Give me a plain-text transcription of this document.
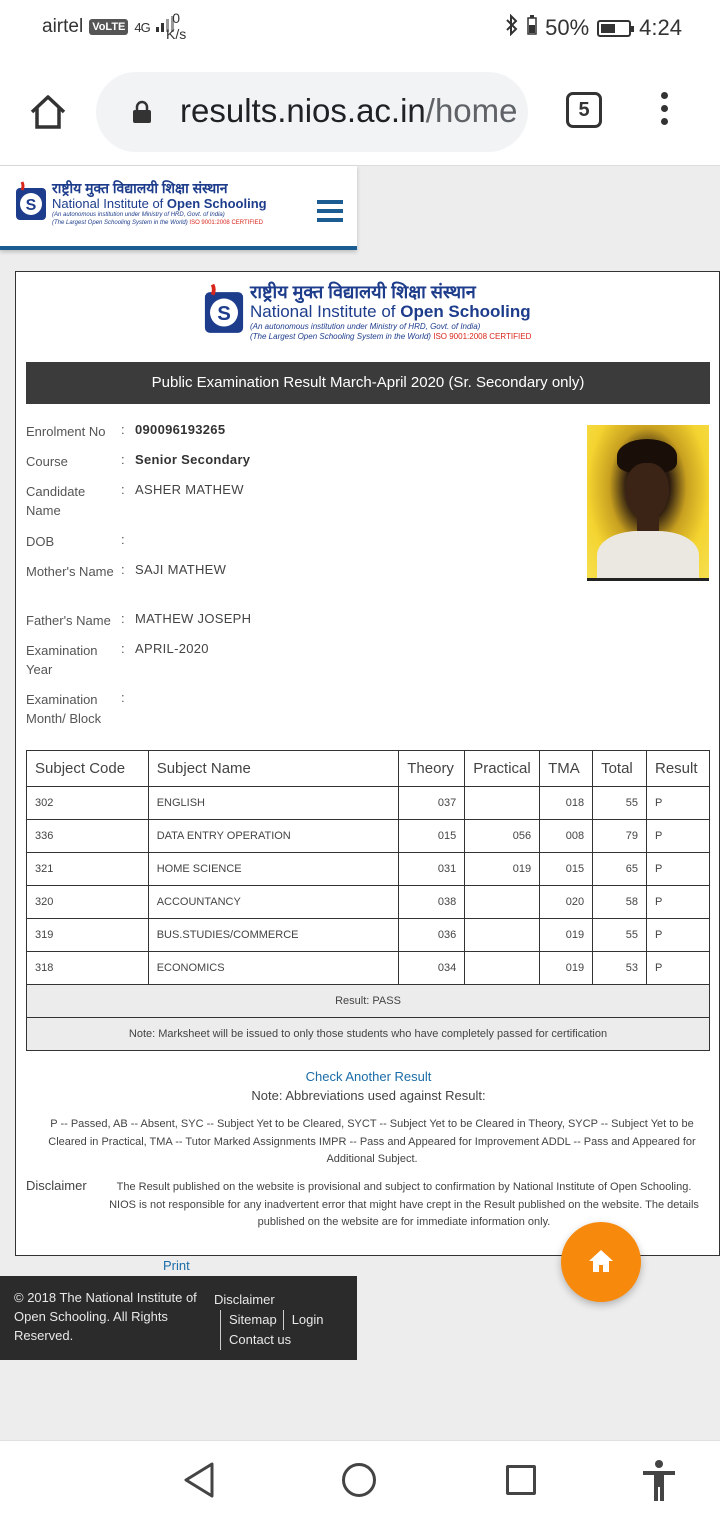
airtel VoLTE 4G
0
K/s	50% 4:24
results.nios.ac.in/home	5
S
राष्ट्रीय मुक्त विद्यालयी शिक्षा संस्थान
National Institute of Open Schooling
(An autonomous institution under Ministry of HRD, Govt. of India)
(The Largest Open Schooling System in the World) ISO 9001:2008 CERTIFIED
S
राष्ट्रीय मुक्त विद्यालयी शिक्षा संस्थान
National Institute of Open Schooling
(An autonomous institution under Ministry of HRD, Govt. of India)
(The Largest Open Schooling System in the World) ISO 9001:2008 CERTIFIED
Public Examination Result March-April 2020 (Sr. Secondary only)
Enrolment No	: 090096193265
Course	: Senior Secondary
Candidate Name
: ASHER MATHEW
DOB	:
Mother's Name : SAJI MATHEW
Father's Name : MATHEW JOSEPH
Examination Year
: APRIL-2020
Examination Month/ Block
:
Subject Code	Subject Name	Theory	Practical	TMA	Total	Result
302	ENGLISH	037		018	55	P
336	DATA ENTRY OPERATION	015	056	008	79	P
321	HOME SCIENCE	031	019	015	65	P
320	ACCOUNTANCY	038		020	58	P
319	BUS.STUDIES/COMMERCE	036		019	55	P
318	ECONOMICS	034		019	53	P
Result: PASS						
Note: Marksheet will be issued to only those students who have completely passed for certification						
Check Another Result
Note: Abbreviations used against Result:
P -- Passed, AB -- Absent, SYC -- Subject Yet to be Cleared, SYCT -- Subject Yet to be Cleared in Theory, SYCP -- Subject Yet to be Cleared in Practical, TMA -- Tutor Marked Assignments IMPR -- Pass and Appeared for Improvement ADDL -- Pass and Appeared for Additional Subject.
Disclaimer	The Result published on the website is provisional and subject to confirmation by National Institute of Open Schooling. NIOS is not responsible for any inadvertent error that might have crept in the Result published on the website. The details published on the website are for immediate information only.
Print
© 2018 The National Institute of Open Schooling. All Rights Reserved.
Disclaimer
Sitemap Login
Contact us
